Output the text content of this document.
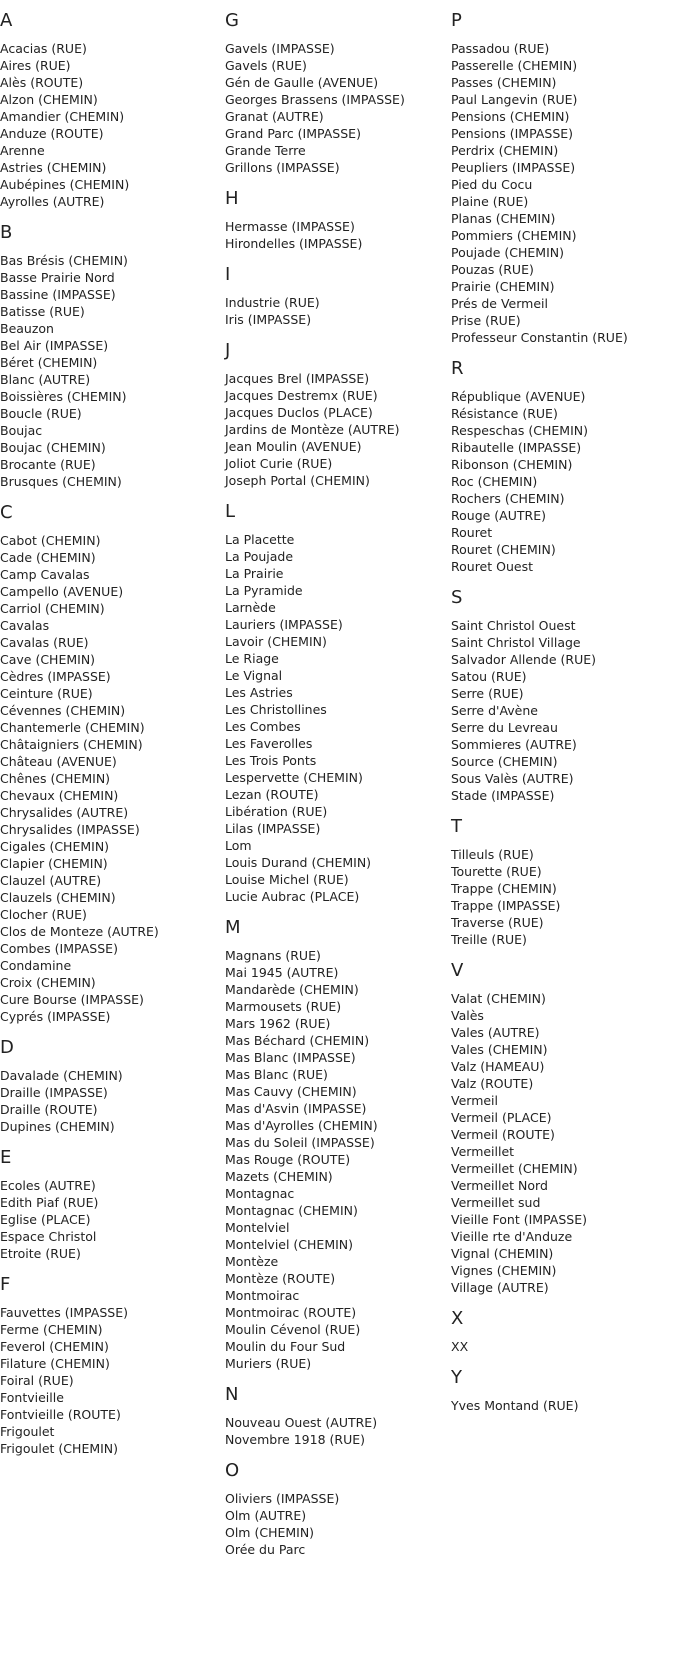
A
Acacias (RUE)
Aires (RUE)
Alès (ROUTE)
Alzon (CHEMIN)
Amandier (CHEMIN)
Anduze (ROUTE)
Arenne
Astries (CHEMIN)
Aubépines (CHEMIN)
Ayrolles (AUTRE)
B
Bas Brésis (CHEMIN)
Basse Prairie Nord
Bassine (IMPASSE)
Batisse (RUE)
Beauzon
Bel Air (IMPASSE)
Béret (CHEMIN)
Blanc (AUTRE)
Boissières (CHEMIN)
Boucle (RUE)
Boujac
Boujac (CHEMIN)
Brocante (RUE)
Brusques (CHEMIN)
C
Cabot (CHEMIN)
Cade (CHEMIN)
Camp Cavalas
Campello (AVENUE)
Carriol (CHEMIN)
Cavalas
Cavalas (RUE)
Cave (CHEMIN)
Cèdres (IMPASSE)
Ceinture (RUE)
Cévennes (CHEMIN)
Chantemerle (CHEMIN)
Châtaigniers (CHEMIN)
Château (AVENUE)
Chênes (CHEMIN)
Chevaux (CHEMIN)
Chrysalides (AUTRE)
Chrysalides (IMPASSE)
Cigales (CHEMIN)
Clapier (CHEMIN)
Clauzel (AUTRE)
Clauzels (CHEMIN)
Clocher (RUE)
Clos de Monteze (AUTRE)
Combes (IMPASSE)
Condamine
Croix (CHEMIN)
Cure Bourse (IMPASSE)
Cyprés (IMPASSE)
D
Davalade (CHEMIN)
Draille (IMPASSE)
Draille (ROUTE)
Dupines (CHEMIN)
E
Ecoles (AUTRE)
Edith Piaf (RUE)
Eglise (PLACE)
Espace Christol
Etroite (RUE)
F
Fauvettes (IMPASSE)
Ferme (CHEMIN)
Feverol (CHEMIN)
Filature (CHEMIN)
Foiral (RUE)
Fontvieille
Fontvieille (ROUTE)
Frigoulet
Frigoulet (CHEMIN)
G
Gavels (IMPASSE)
Gavels (RUE)
Gén de Gaulle (AVENUE)
Georges Brassens (IMPASSE)
Granat (AUTRE)
Grand Parc (IMPASSE)
Grande Terre
Grillons (IMPASSE)
H
Hermasse (IMPASSE)
Hirondelles (IMPASSE)
I
Industrie (RUE)
Iris (IMPASSE)
J
Jacques Brel (IMPASSE)
Jacques Destremx (RUE)
Jacques Duclos (PLACE)
Jardins de Montèze (AUTRE)
Jean Moulin (AVENUE)
Joliot Curie (RUE)
Joseph Portal (CHEMIN)
L
La Placette
La Poujade
La Prairie
La Pyramide
Larnède
Lauriers (IMPASSE)
Lavoir (CHEMIN)
Le Riage
Le Vignal
Les Astries
Les Christollines
Les Combes
Les Faverolles
Les Trois Ponts
Lespervette (CHEMIN)
Lezan (ROUTE)
Libération (RUE)
Lilas (IMPASSE)
Lom
Louis Durand (CHEMIN)
Louise Michel (RUE)
Lucie Aubrac (PLACE)
M
Magnans (RUE)
Mai 1945 (AUTRE)
Mandarède (CHEMIN)
Marmousets (RUE)
Mars 1962 (RUE)
Mas Béchard (CHEMIN)
Mas Blanc (IMPASSE)
Mas Blanc (RUE)
Mas Cauvy (CHEMIN)
Mas d'Asvin (IMPASSE)
Mas d'Ayrolles (CHEMIN)
Mas du Soleil (IMPASSE)
Mas Rouge (ROUTE)
Mazets (CHEMIN)
Montagnac
Montagnac (CHEMIN)
Montelviel
Montelviel (CHEMIN)
Montèze
Montèze (ROUTE)
Montmoirac
Montmoirac (ROUTE)
Moulin Cévenol (RUE)
Moulin du Four Sud
Muriers (RUE)
N
Nouveau Ouest (AUTRE)
Novembre 1918 (RUE)
O
Oliviers (IMPASSE)
Olm (AUTRE)
Olm (CHEMIN)
Orée du Parc
P
Passadou (RUE)
Passerelle (CHEMIN)
Passes (CHEMIN)
Paul Langevin (RUE)
Pensions (CHEMIN)
Pensions (IMPASSE)
Perdrix (CHEMIN)
Peupliers (IMPASSE)
Pied du Cocu
Plaine (RUE)
Planas (CHEMIN)
Pommiers (CHEMIN)
Poujade (CHEMIN)
Pouzas (RUE)
Prairie (CHEMIN)
Prés de Vermeil
Prise (RUE)
Professeur Constantin (RUE)
R
République (AVENUE)
Résistance (RUE)
Respeschas (CHEMIN)
Ribautelle (IMPASSE)
Ribonson (CHEMIN)
Roc (CHEMIN)
Rochers (CHEMIN)
Rouge (AUTRE)
Rouret
Rouret (CHEMIN)
Rouret Ouest
S
Saint Christol Ouest
Saint Christol Village
Salvador Allende (RUE)
Satou (RUE)
Serre (RUE)
Serre d'Avène
Serre du Levreau
Sommieres (AUTRE)
Source (CHEMIN)
Sous Valès (AUTRE)
Stade (IMPASSE)
T
Tilleuls (RUE)
Tourette (RUE)
Trappe (CHEMIN)
Trappe (IMPASSE)
Traverse (RUE)
Treille (RUE)
V
Valat (CHEMIN)
Valès
Vales (AUTRE)
Vales (CHEMIN)
Valz (HAMEAU)
Valz (ROUTE)
Vermeil
Vermeil (PLACE)
Vermeil (ROUTE)
Vermeillet
Vermeillet (CHEMIN)
Vermeillet Nord
Vermeillet sud
Vieille Font (IMPASSE)
Vieille rte d'Anduze
Vignal (CHEMIN)
Vignes (CHEMIN)
Village (AUTRE)
X
XX
Y
Yves Montand (RUE)
